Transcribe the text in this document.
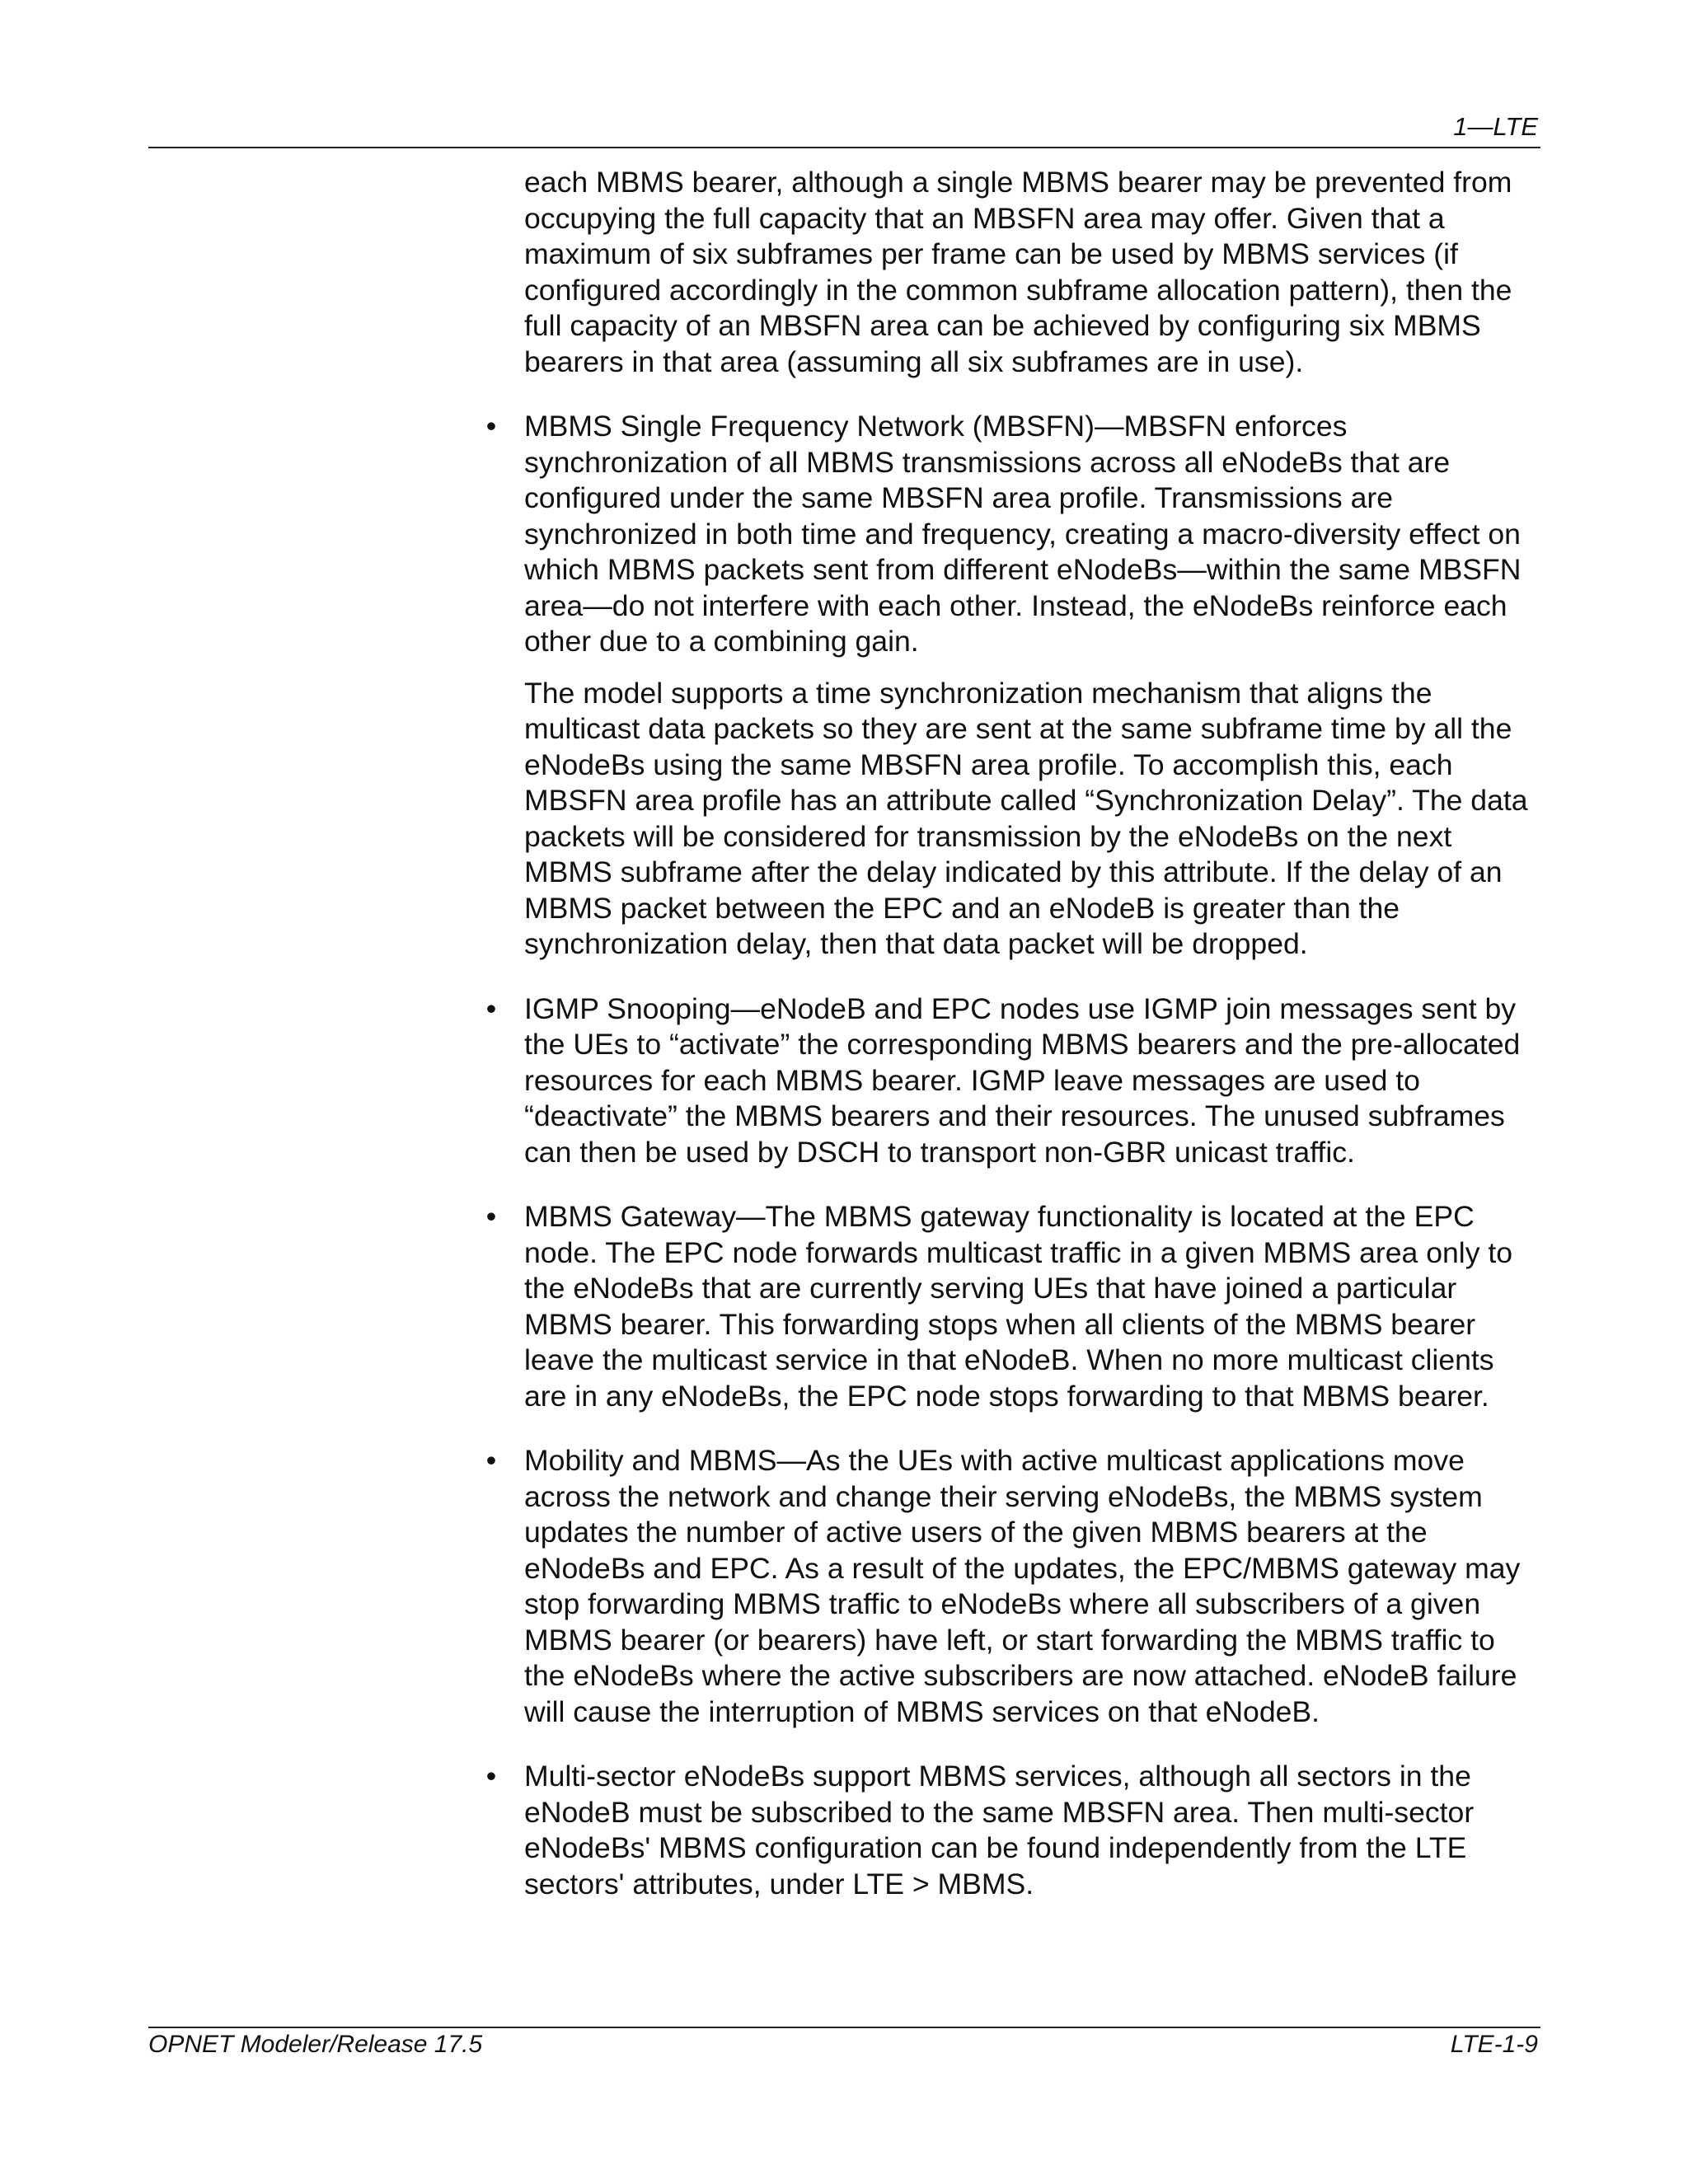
1—LTE

each MBMS bearer, although a single MBMS bearer may be prevented from occupying the full capacity that an MBSFN area may offer. Given that a maximum of six subframes per frame can be used by MBMS services (if configured accordingly in the common subframe allocation pattern), then the full capacity of an MBSFN area can be achieved by configuring six MBMS bearers in that area (assuming all six subframes are in use).

• MBMS Single Frequency Network (MBSFN)—MBSFN enforces synchronization of all MBMS transmissions across all eNodeBs that are configured under the same MBSFN area profile. Transmissions are synchronized in both time and frequency, creating a macro-diversity effect on which MBMS packets sent from different eNodeBs—within the same MBSFN area—do not interfere with each other. Instead, the eNodeBs reinforce each other due to a combining gain.

The model supports a time synchronization mechanism that aligns the multicast data packets so they are sent at the same subframe time by all the eNodeBs using the same MBSFN area profile. To accomplish this, each MBSFN area profile has an attribute called “Synchronization Delay”. The data packets will be considered for transmission by the eNodeBs on the next MBMS subframe after the delay indicated by this attribute. If the delay of an MBMS packet between the EPC and an eNodeB is greater than the synchronization delay, then that data packet will be dropped.

• IGMP Snooping—eNodeB and EPC nodes use IGMP join messages sent by the UEs to “activate” the corresponding MBMS bearers and the pre-allocated resources for each MBMS bearer. IGMP leave messages are used to “deactivate” the MBMS bearers and their resources. The unused subframes can then be used by DSCH to transport non-GBR unicast traffic.

• MBMS Gateway—The MBMS gateway functionality is located at the EPC node. The EPC node forwards multicast traffic in a given MBMS area only to the eNodeBs that are currently serving UEs that have joined a particular MBMS bearer. This forwarding stops when all clients of the MBMS bearer leave the multicast service in that eNodeB. When no more multicast clients are in any eNodeBs, the EPC node stops forwarding to that MBMS bearer.

• Mobility and MBMS—As the UEs with active multicast applications move across the network and change their serving eNodeBs, the MBMS system updates the number of active users of the given MBMS bearers at the eNodeBs and EPC. As a result of the updates, the EPC/MBMS gateway may stop forwarding MBMS traffic to eNodeBs where all subscribers of a given MBMS bearer (or bearers) have left, or start forwarding the MBMS traffic to the eNodeBs where the active subscribers are now attached. eNodeB failure will cause the interruption of MBMS services on that eNodeB.

• Multi-sector eNodeBs support MBMS services, although all sectors in the eNodeB must be subscribed to the same MBSFN area. Then multi-sector eNodeBs' MBMS configuration can be found independently from the LTE sectors' attributes, under LTE > MBMS.

OPNET Modeler/Release 17.5	LTE-1-9
